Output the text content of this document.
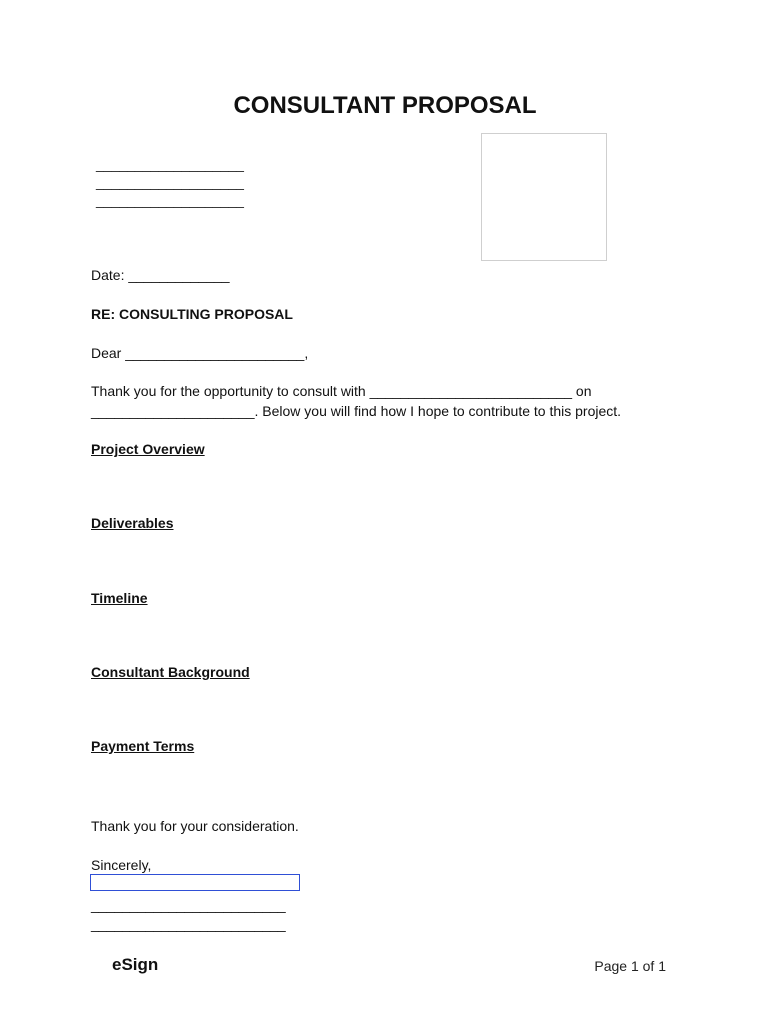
CONSULTANT PROPOSAL
___________________
___________________
___________________
Date: _____________
RE: CONSULTING PROPOSAL
Dear _______________________,
Thank you for the opportunity to consult with __________________________ on
_____________________. Below you will find how I hope to contribute to this project.
Project Overview
Deliverables
Timeline
Consultant Background
Payment Terms
Thank you for your consideration.
Sincerely,
_________________________
_________________________
eSign	Page 1 of 1
